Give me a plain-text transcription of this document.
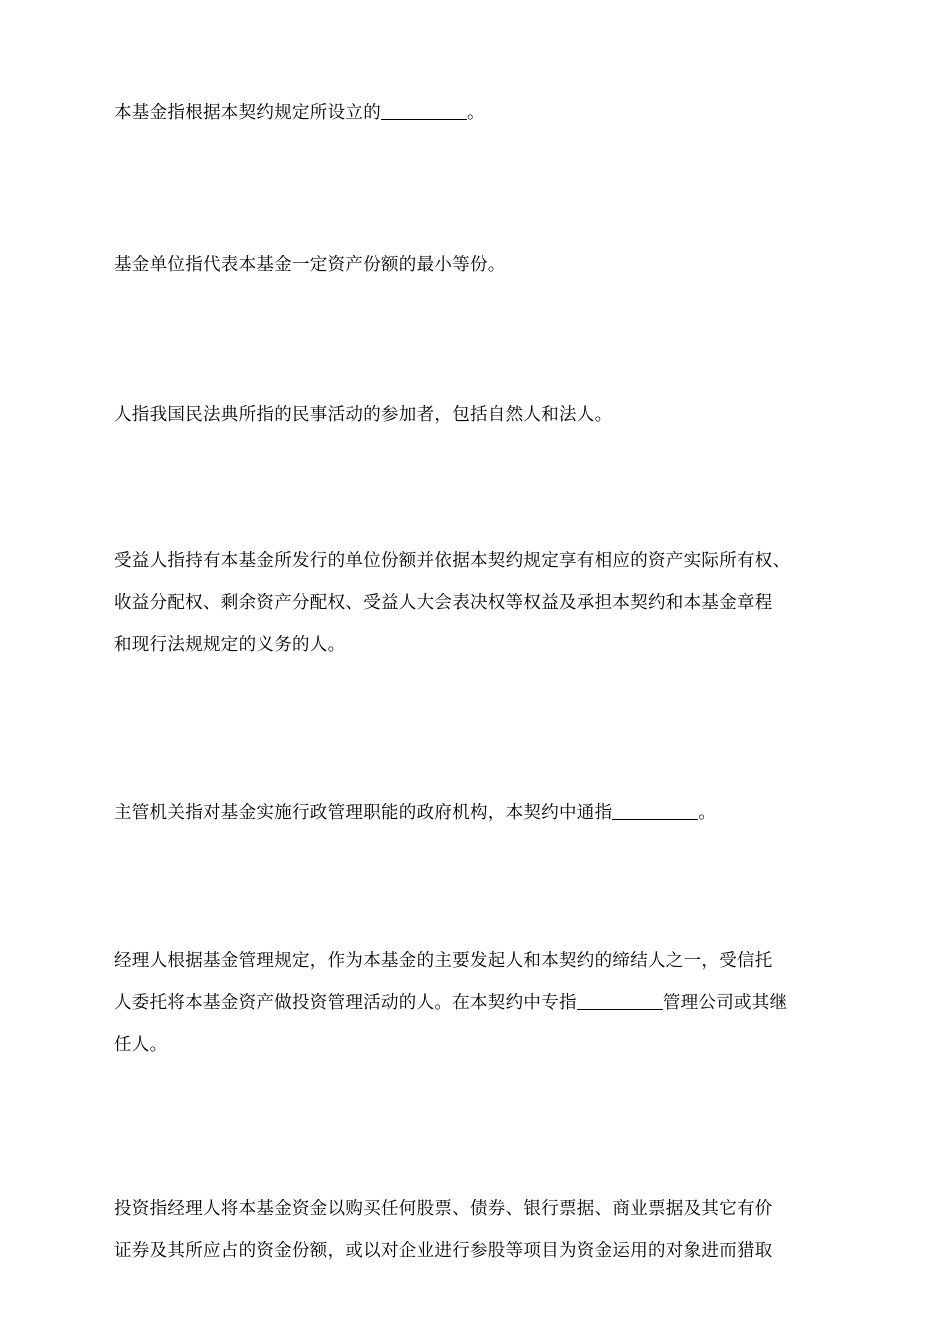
本基金指根据本契约规定所设立的	。

基金单位指代表本基金一定资产份额的最小等份。

人指我国民法典所指的民事活动的参加者，包括自然人和法人。

受益人指持有本基金所发行的单位份额并依据本契约规定享有相应的资产实际所有权、
收益分配权、剩余资产分配权、受益人大会表决权等权益及承担本契约和本基金章程
和现行法规规定的义务的人。

主管机关指对基金实施行政管理职能的政府机构，本契约中通指	。

经理人根据基金管理规定，作为本基金的主要发起人和本契约的缔结人之一，受信托
人委托将本基金资产做投资管理活动的人。在本契约中专指	管理公司或其继
任人。

投资指经理人将本基金资金以购买任何股票、债券、银行票据、商业票据及其它有价
证券及其所应占的资金份额，或以对企业进行参股等项目为资金运用的对象进而猎取
